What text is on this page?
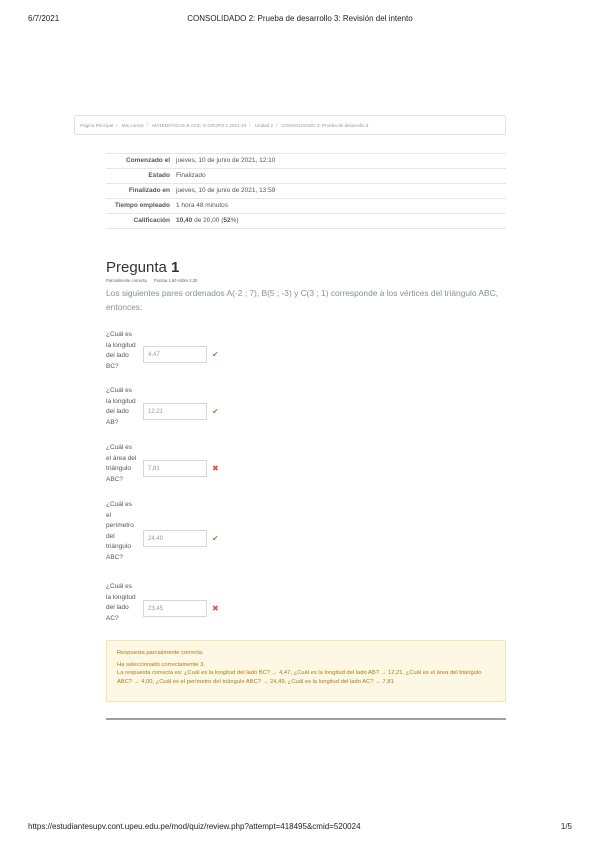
6/7/2021	CONSOLIDADO 2: Prueba de desarrollo 3: Revisión del intento
Página Principal / Mis cursos / MATEMÁTICAS B ASIC O GRUPO 1 2021-10 / Unidad 2 / CONSOLIDADO 2: Prueba de desarrollo 3
Comenzado el jueves, 10 de junio de 2021, 12:10
Estado Finalizado
Finalizado en jueves, 10 de junio de 2021, 13:59
Tiempo empleado 1 hora 48 minutos
Calificación 10,40 de 20,00 (52%)
Pregunta 1
Parcialmente correcta Puntúa 1,60 sobre 2,00
Los siguientes pares ordenados A(-2 ; 7), B(5 ; -3) y C(3 ; 1) corresponde a los vértices del triángulo ABC, entonces:
¿Cuál es la longitud del lado BC?
4,47	✔
¿Cuál es la longitud del lado AB?
12,21	✔
¿Cuál es el área del triángulo ABC?
7,81	✖
¿Cuál es el perímetro del triángulo ABC?
24,49	✔
¿Cuál es la longitud del lado AC?
23,45	✖

Respuesta parcialmente correcta.

Ha seleccionado correctamente 3.

La respuesta correcta es: ¿Cuál es la longitud del lado BC? → 4,47, ¿Cuál es la longitud del lado AB? → 12,21, ¿Cuál es el área del triángulo ABC? → 4,00, ¿Cuál es el perímetro del triángulo ABC? → 24,49, ¿Cuál es la longitud del lado AC? → 7,81

https://estudiantesupv.cont.upeu.edu.pe/mod/quiz/review.php?attempt=418495&cmid=520024	1/5
